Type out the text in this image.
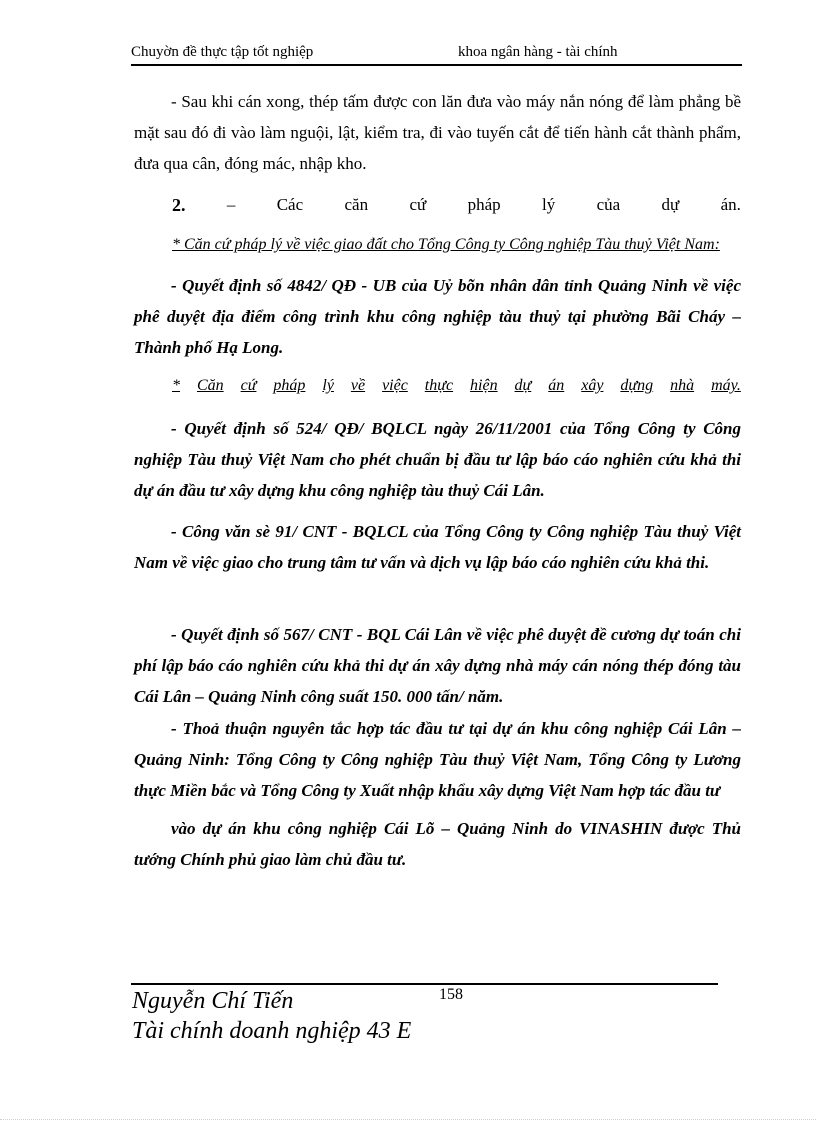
Chuyờn đề thực tập tốt nghiệp	khoa ngân hàng - tài chính
- Sau khi cán xong, thép tấm được con lăn đưa vào máy nắn nóng để làm phẳng bề mặt sau đó đi vào làm nguội, lật, kiểm tra, đi vào tuyến cắt để tiến hành cắt thành phẩm, đưa qua cân, đóng mác, nhập kho.
2. – Các căn cứ pháp lý của dự án.
* Căn cứ pháp lý về việc giao đất cho Tổng Công ty Công nghiệp Tàu thuỷ Việt Nam:
- Quyết định số 4842/ QĐ - UB của Uỷ bõn nhân dân tỉnh Quảng Ninh về việc phê duyệt địa điểm công trình khu công nghiệp tàu thuỷ tại phường Bãi Cháy – Thành phố Hạ Long.
* Căn cứ pháp lý về việc thực hiện dự án xây dựng nhà máy.
- Quyết định số 524/ QĐ/ BQLCL ngày 26/11/2001 của Tổng Công ty Công nghiệp Tàu thuỷ Việt Nam cho phét chuẩn bị đầu tư lập báo cáo nghiên cứu khả thi dự án đầu tư xây dựng khu công nghiệp tàu thuỷ Cái Lân.
- Công văn sè 91/ CNT - BQLCL của Tổng Công ty Công nghiệp Tàu thuỷ Việt Nam về việc giao cho trung tâm tư vấn và dịch vụ lập báo cáo nghiên cứu khả thi.
- Quyết định số 567/ CNT - BQL Cái Lân về việc phê duyệt đề cương dự toán chi phí lập báo cáo nghiên cứu khả thi dự án xây dựng nhà máy cán nóng thép đóng tàu Cái Lân – Quảng Ninh công suất 150. 000 tấn/ năm.
- Thoả thuận nguyên tắc hợp tác đầu tư tại dự án khu công nghiệp Cái Lân – Quảng Ninh: Tổng Công ty Công nghiệp Tàu thuỷ Việt Nam, Tổng Công ty Lương thực Miền bắc và Tổng Công ty Xuất nhập khẩu xây dựng Việt Nam hợp tác đầu tư
vào dự án khu công nghiệp Cái Lõ – Quảng Ninh do VINASHIN được Thủ tướng Chính phủ giao làm chủ đầu tư.
158
Nguyễn Chí Tiến
Tài chính doanh nghiệp 43 E
